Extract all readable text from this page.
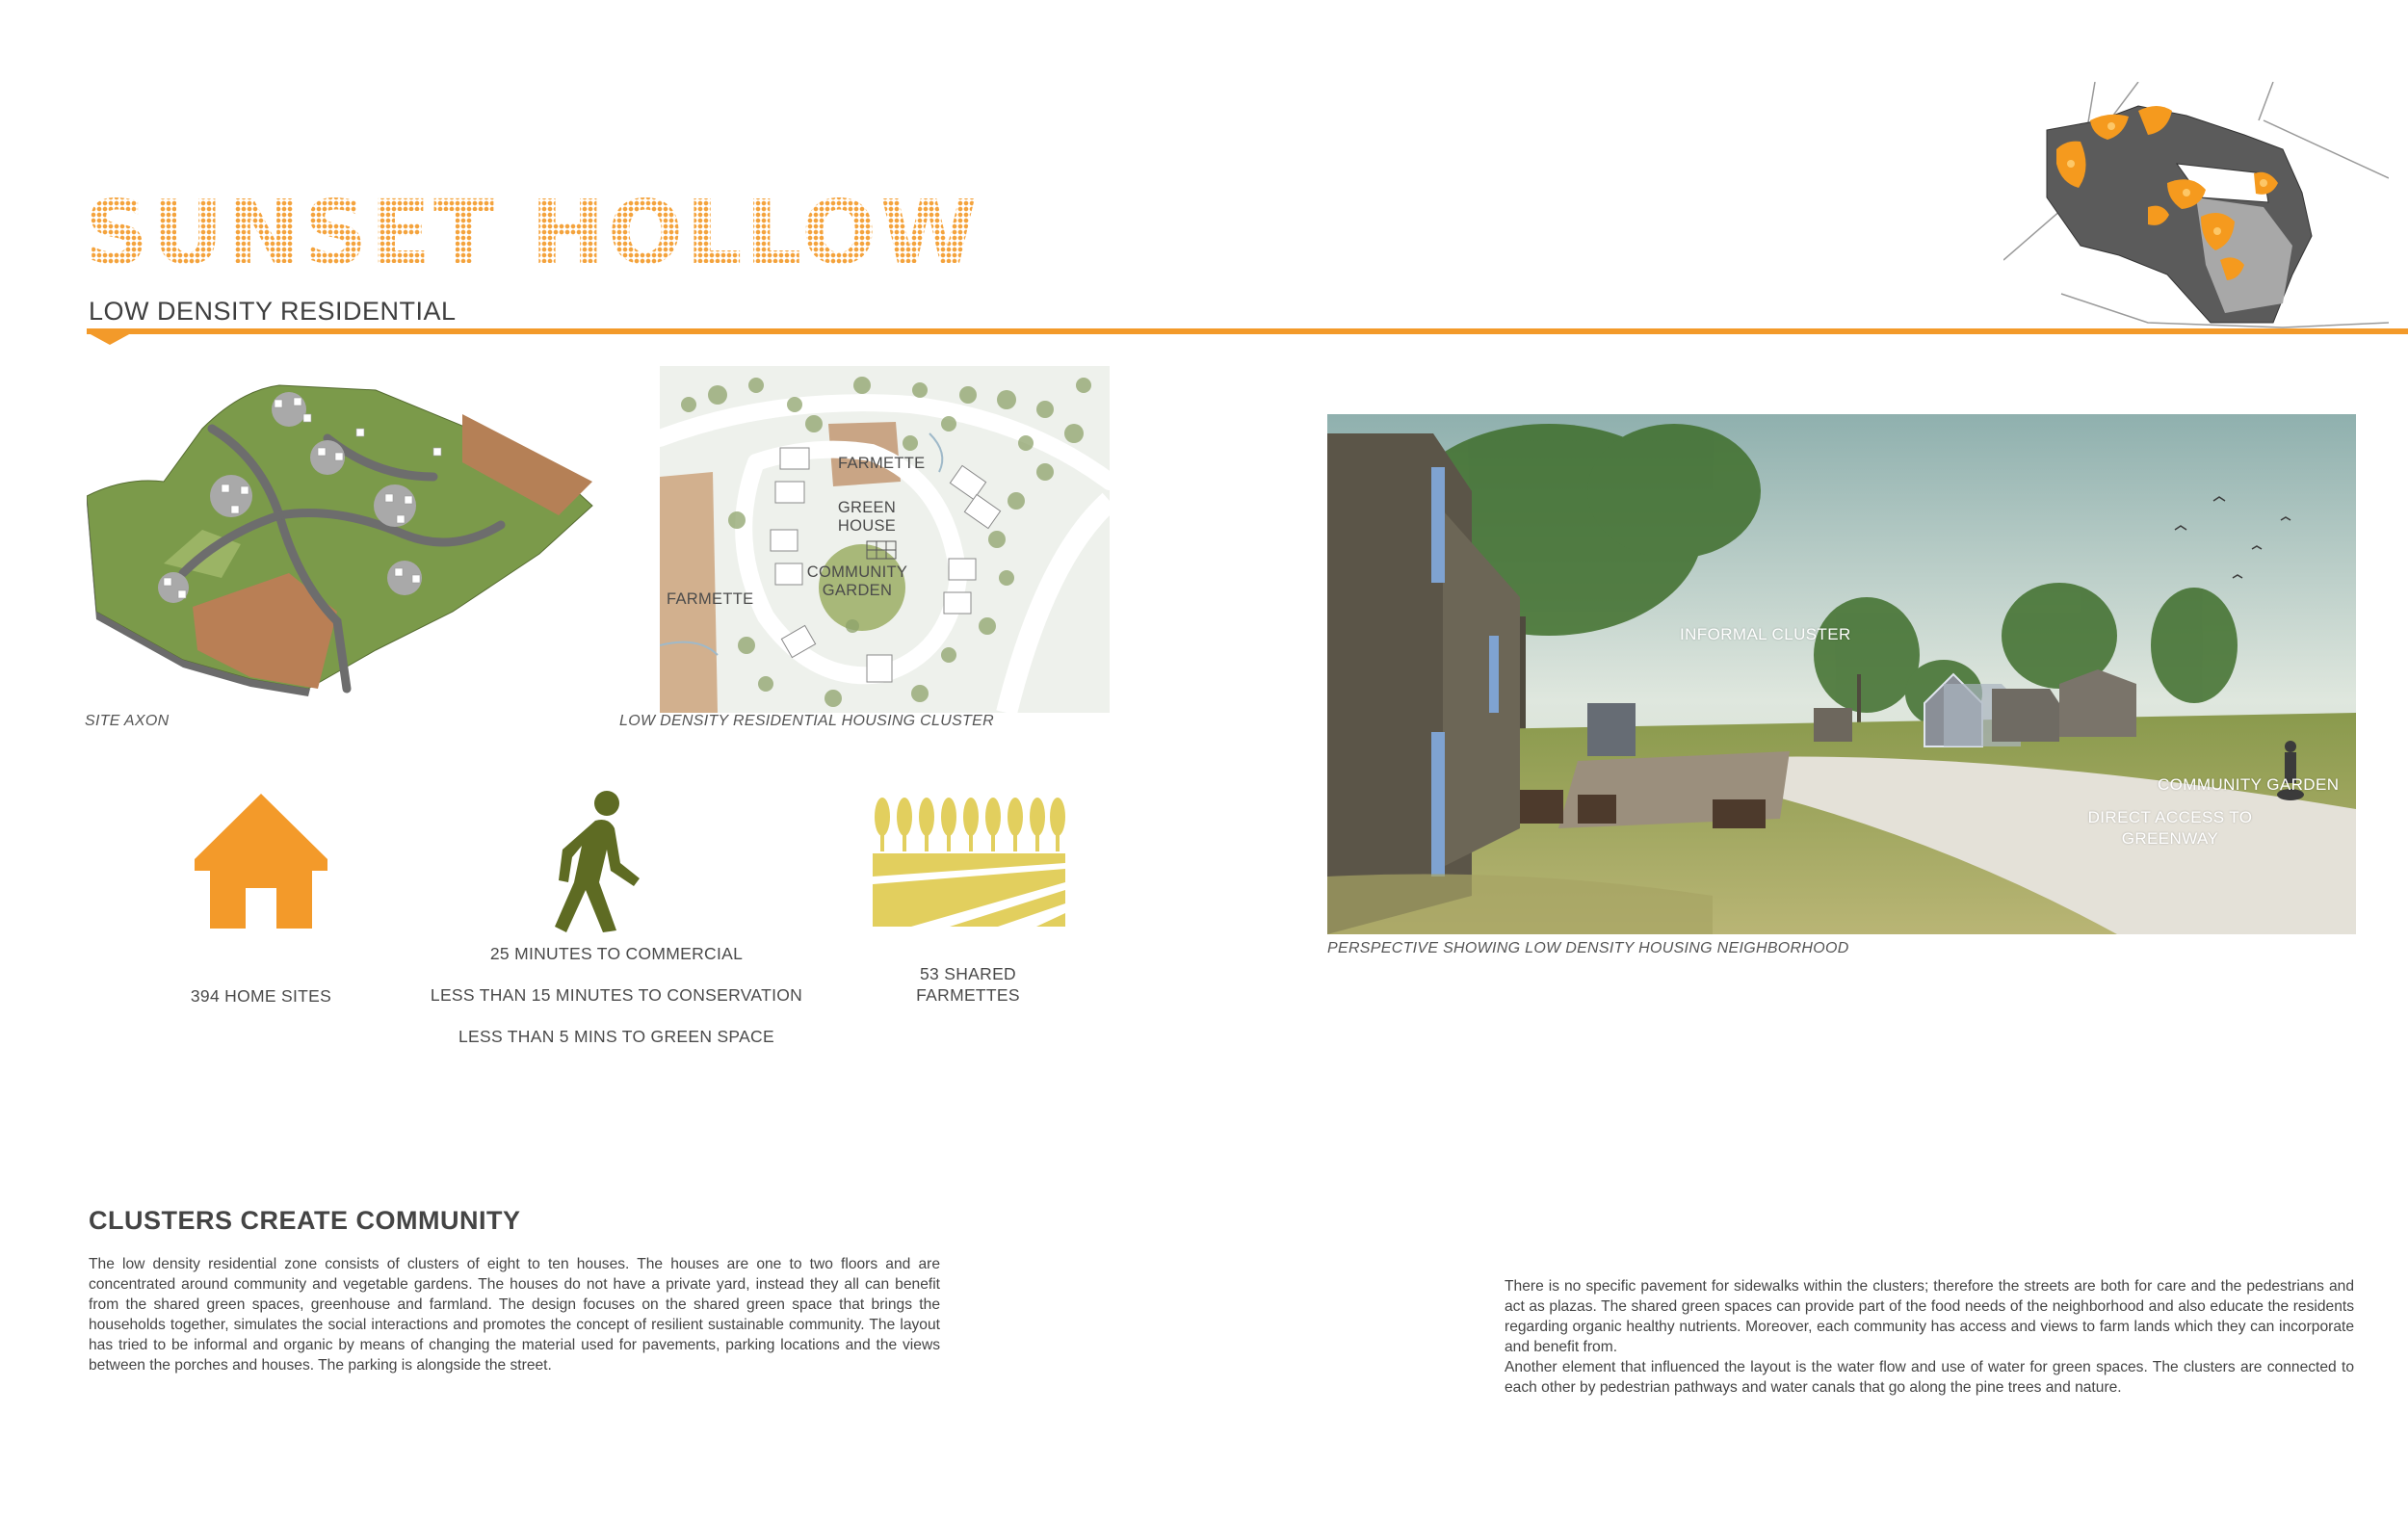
SUNSET HOLLOW
LOW DENSITY RESIDENTIAL
SITE AXON
FARMETTE
GREEN
HOUSE
COMMUNITY
GARDEN
FARMETTE
LOW DENSITY RESIDENTIAL HOUSING CLUSTER
INFORMAL CLUSTER
COMMUNITY GARDEN
DIRECT ACCESS TO
GREENWAY
PERSPECTIVE SHOWING LOW DENSITY HOUSING NEIGHBORHOOD
394 HOME SITES
25 MINUTES TO COMMERCIAL
LESS THAN 15 MINUTES TO CONSERVATION
LESS THAN 5 MINS TO GREEN SPACE
53 SHARED
FARMETTES
CLUSTERS CREATE COMMUNITY

The low density residential zone consists of clusters of eight to ten houses. The houses are one to two floors and are concentrated around community and vegetable gardens. The houses do not have a private yard, instead they all can benefit from the shared green spaces, greenhouse and farmland. The design focuses on the shared green space that brings the households together, simulates the social interactions and promotes the concept of resilient sustainable community. The layout has tried to be informal and organic by means of changing the material used for pavements, parking locations and the views between the porches and houses. The parking is alongside the street.

There is no specific pavement for sidewalks within the clusters; therefore the streets are both for care and the pedestrians and act as plazas. The shared green spaces can provide part of the food needs of the neighborhood and also educate the residents regarding organic healthy nutrients. Moreover, each community has access and views to farm lands which they can incorporate and benefit from.

Another element that influenced the layout is the water flow and use of water for green spaces. The clusters are connected to each other by pedestrian pathways and water canals that go along the pine trees and nature.
